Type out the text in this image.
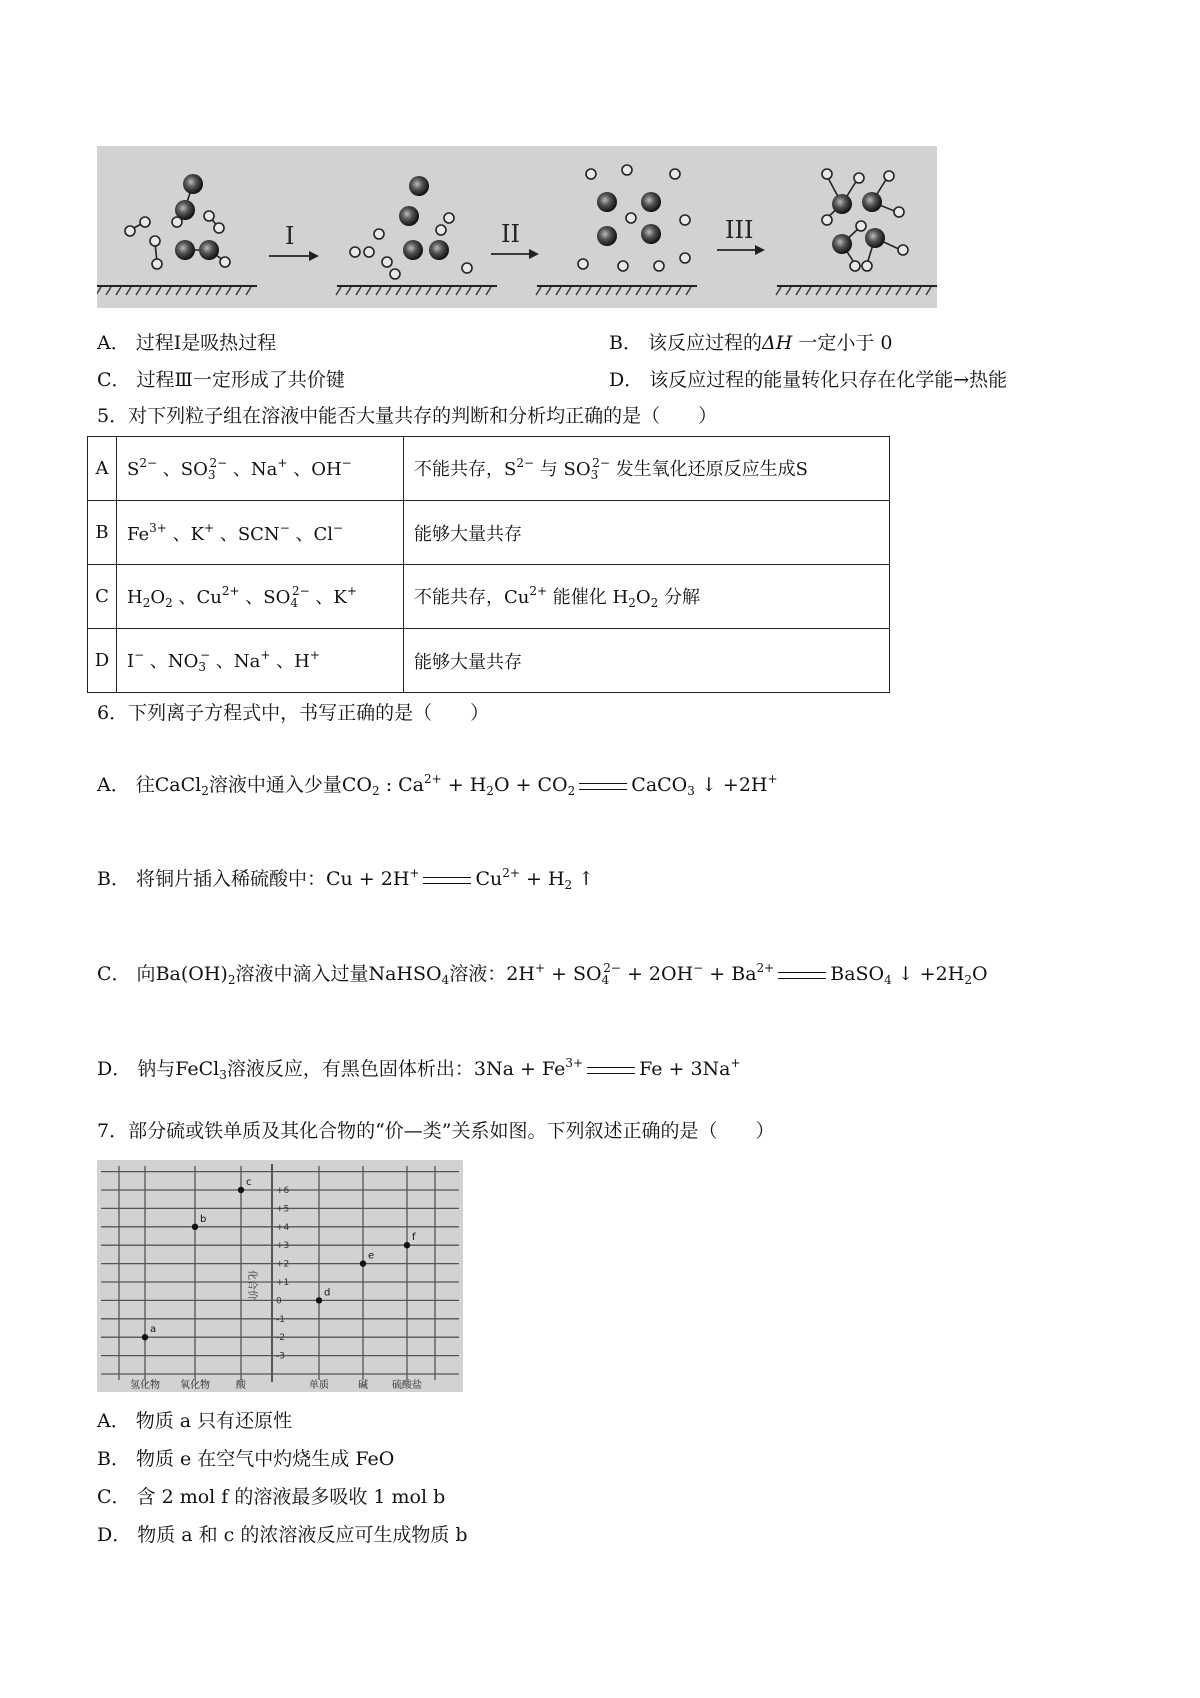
I	II	III
A． 过程Ⅰ是吸热过程	B． 该反应过程的ΔH 一定小于 0
C． 过程Ⅲ一定形成了共价键	D． 该反应过程的能量转化只存在化学能→热能
5．对下列粒子组在溶液中能否大量共存的判断和分析均正确的是（　　）
A	$S^{2-}$ 、$SO_3^{2-}$ 、Na+ 、OH−	不能共存，$S^{2-}$ 与 $SO_3^{2-}$ 发生氧化还原反应生成S
B	$Fe^{3+}$ 、K+ 、SCN− 、Cl−	能够大量共存
C	$H_2O_2$ 、$Cu^{2+}$ 、$SO_4^{2-}$ 、K+	不能共存，$Cu^{2+}$ 能催化 $H_2O_2$ 分解
D	I− 、$NO_3^-$ 、Na+ 、H+	能够大量共存
6．下列离子方程式中，书写正确的是（　　）
A． 往CaCl$_2$溶液中通入少量$CO_2$ : $Ca^{2+} + H_2O + CO_2$	CaCO$_3$ ↓ +2H+
B． 将铜片插入稀硫酸中：Cu + 2H+	$Cu^{2+} + H_2$ ↑
C． 向$Ba(OH)_2$溶液中滴入过量NaHSO$_4$溶液：$2H^+ + SO_4^{2-} + 2OH^- + Ba^{2+}$	BaSO$_4$ ↓ $+2H_2O$
D． 钠与FeCl$_3$溶液反应，有黑色固体析出：$3Na + Fe^{3+}$	Fe + 3Na+
7．部分硫或铁单质及其化合物的“价—类”关系如图。下列叙述正确的是（　　）
+6
+5
+4
+3
+2
+1
0
-1
-2
-3
氢化物 氧化物	酸	单质	碱 硫酸盐
a
b
c
d
e
f
化合价
A． 物质 a 只有还原性
B． 物质 e 在空气中灼烧生成 FeO
C． 含 2 mol f 的溶液最多吸收 1 mol b
D． 物质 a 和 c 的浓溶液反应可生成物质 b
